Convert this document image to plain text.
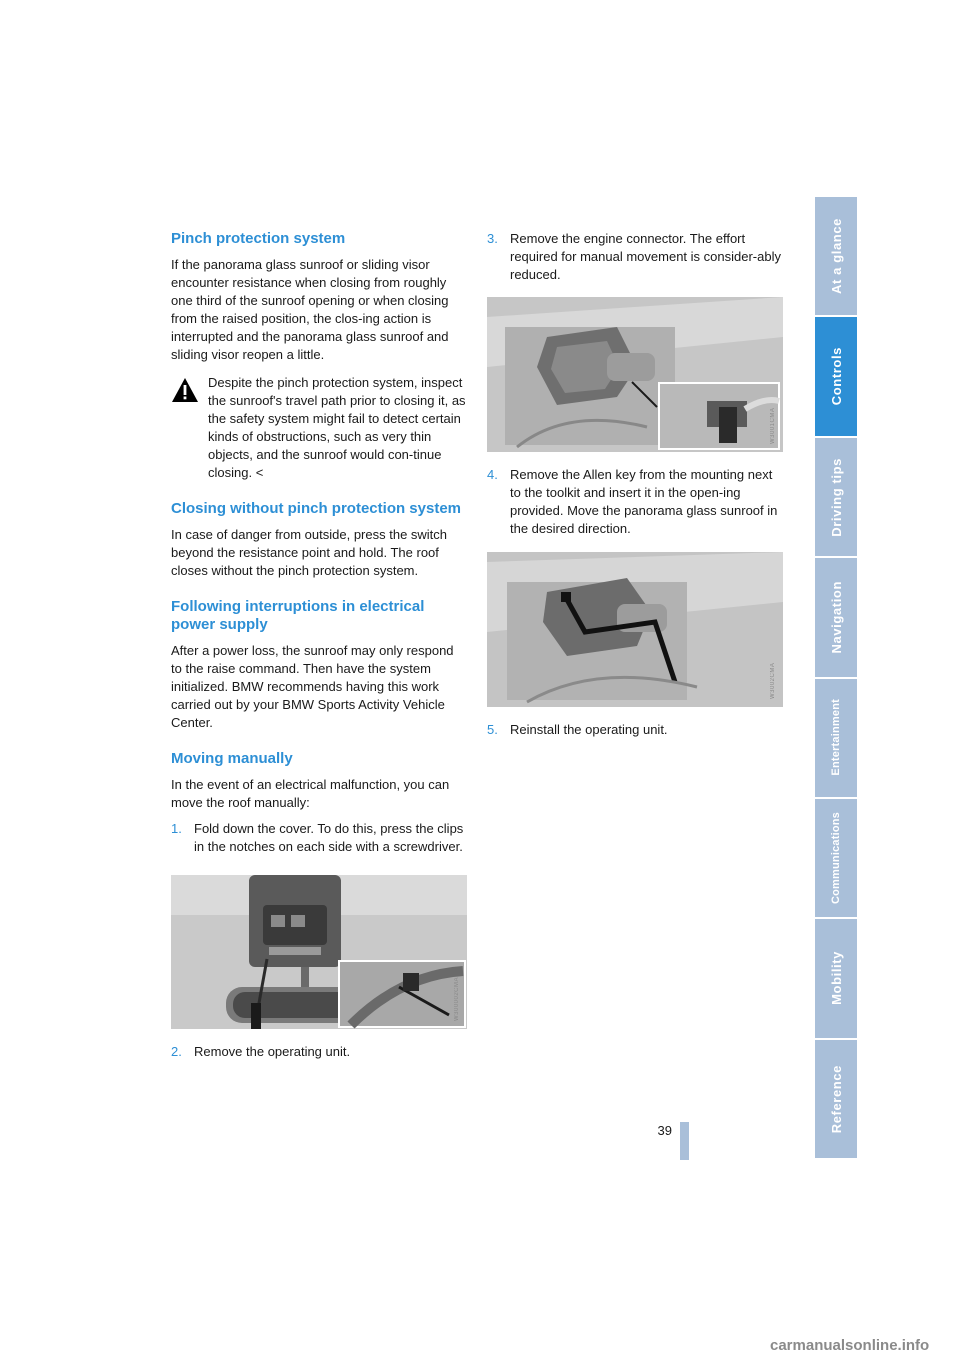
Pinch protection system

If the panorama glass sunroof or sliding visor encounter resistance when closing from roughly one third of the sunroof opening or when closing from the raised position, the clos-ing action is interrupted and the panorama glass sunroof and sliding visor reopen a little.

Despite the pinch protection system, inspect the sunroof's travel path prior to closing it, as the safety system might fail to detect certain kinds of obstructions, such as very thin objects, and the sunroof would con-tinue closing. <

Closing without pinch protection system

In case of danger from outside, press the switch beyond the resistance point and hold. The roof closes without the pinch protection system.

Following interruptions in electrical power supply

After a power loss, the sunroof may only respond to the raise command. Then have the system initialized. BMW recommends having this work carried out by your BMW Sports Activity Vehicle Center.

Moving manually

In the event of an electrical malfunction, you can move the roof manually:

1. Fold down the cover. To do this, press the clips in the notches on each side with a screwdriver.
W300002CMA
2. Remove the operating unit.
3. Remove the engine connector. The effort required for manual movement is consider-ably reduced.
W3001CMA
4. Remove the Allen key from the mounting next to the toolkit and insert it in the open-ing provided. Move the panorama glass sunroof in the desired direction.
W3002CMA
5. Reinstall the operating unit.
At a glance
Controls
Driving tips
Navigation
Entertainment
Communications
Mobility
Reference
39
carmanualsonline.info
